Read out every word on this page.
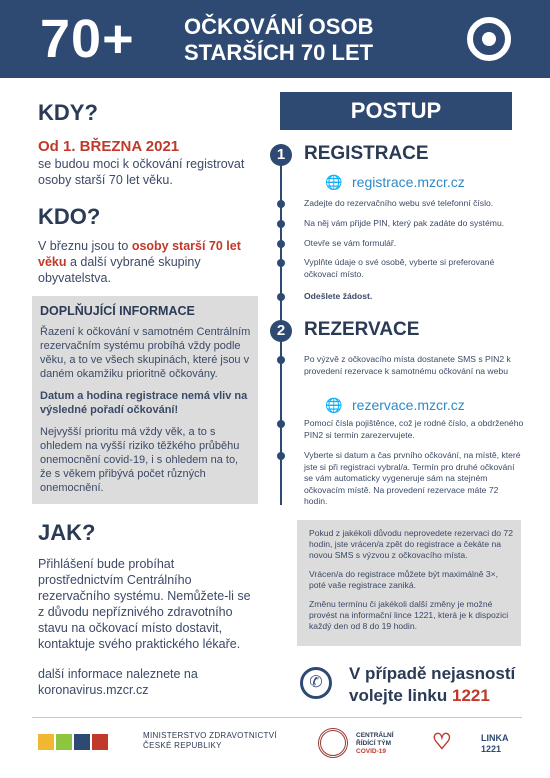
70+ OČKOVÁNÍ OSOB
STARŠÍCH 70 LET
KDY?
Od 1. BŘEZNA 2021
se budou moci k očkování registrovat osoby starší 70 let věku.
KDO?
V březnu jsou to osoby starší 70 let věku a další vybrané skupiny obyvatelstva.
DOPLŇUJÍCÍ INFORMACE
Řazení k očkování v samotném Centrálním rezervačním systému probíhá vždy podle věku, a to ve všech skupinách, které jsou v daném okamžiku prioritně očkovány.
Datum a hodina registrace nemá vliv na výsledné pořadí očkování!
Nejvyšší prioritu má vždy věk, a to s ohledem na vyšší riziko těžkého průběhu onemocnění covid-19, i s ohledem na to, že s věkem přibývá počet různých onemocnění.
JAK?
Přihlášení bude probíhat prostřednictvím Centrálního rezervačního systému. Nemůžete-li se z důvodu nepříznivého zdravotního stavu na očkovací místo dostavit, kontaktuje svého praktického lékaře.
další informace naleznete na
koronavirus.mzcr.cz
POSTUP
1 REGISTRACE
🌐 registrace.mzcr.cz
Zadejte do rezervačního webu své telefonní číslo.
Na něj vám přijde PIN, který pak zadáte do systému.
Otevře se vám formulář.
Vyplňte údaje o své osobě, vyberte si preferované očkovací místo.
Odešlete žádost.
2 REZERVACE
Po výzvě z očkovacího místa dostanete SMS s PIN2 k provedení rezervace k samotnému očkování na webu
🌐 rezervace.mzcr.cz
Pomocí čísla pojištěnce, což je rodné číslo, a obdrženého PIN2 si termín zarezervujete.
Vyberte si datum a čas prvního očkování, na místě, které jste si při registraci vybral/a. Termín pro druhé očkování se vám automaticky vygeneruje sám na stejném očkovacím místě. Na provedení rezervace máte 72 hodin.

Pokud z jakékoli důvodu neprovedete rezervaci do 72 hodin, jste vrácen/a zpět do registrace a čekáte na novou SMS s výzvou z očkovacího místa.

Vrácen/a do registrace můžete být maximálně 3×, poté vaše registrace zaniká.

Změnu termínu či jakékoli další změny je možné provést na informační lince 1221, která je k dispozici každý den od 8 do 19 hodin.

✆	V případě nejasností
volejte linku 1221
MINISTERSTVO ZDRAVOTNICTVÍ
ČESKÉ REPUBLIKY
CENTRÁLNÍ
ŘÍDÍCÍ TÝM
COVID-19	♡	LINKA
1221
